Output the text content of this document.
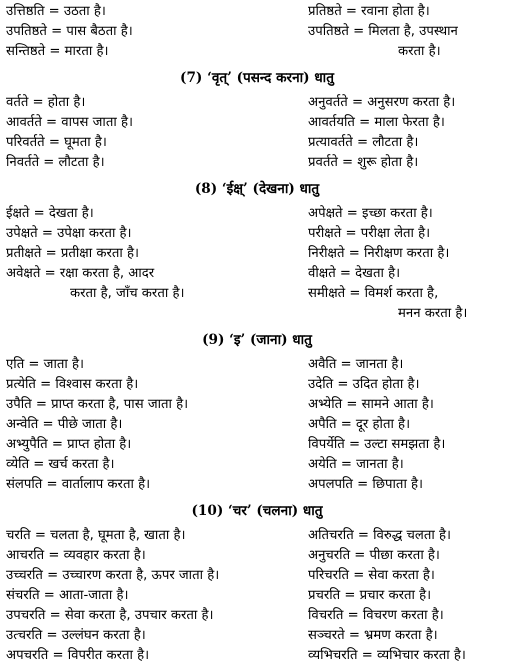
उत्तिष्ठति = उठता है।
उपतिष्ठते = पास बैठता है।
सन्तिष्ठते = मारता है।
प्रतिष्ठते = रवाना होता है।
उपतिष्ठते = मिलता है, उपस्थान
करता है।
(7) ‘वृत्’ (पसन्द करना) धातु
वर्तते = होता है।
आवर्तते = वापस जाता है।
परिवर्तते = घूमता है।
निवर्तते = लौटता है।
अनुवर्तते = अनुसरण करता है।
आवर्तयति = माला फेरता है।
प्रत्यावर्तते = लौटता है।
प्रवर्तते = शुरू होता है।
(8) ‘ईक्ष्’ (देखना) धातु
ईक्षते = देखता है।
उपेक्षते = उपेक्षा करता है।
प्रतीक्षते = प्रतीक्षा करता है।
अवेक्षते = रक्षा करता है, आदर
करता है, जाँच करता है।
अपेक्षते = इच्छा करता है।
परीक्षते = परीक्षा लेता है।
निरीक्षते = निरीक्षण करता है।
वीक्षते = देखता है।
समीक्षते = विमर्श करता है,
मनन करता है।
(9) ‘इ’ (जाना) धातु
एति = जाता है।
प्रत्येति = विश्वास करता है।
उपैति = प्राप्त करता है, पास जाता है।
अन्वेति = पीछे जाता है।
अभ्युपैति = प्राप्त होता है।
व्येति = खर्च करता है।
संलपति = वार्तालाप करता है।
अवैति = जानता है।
उदेति = उदित होता है।
अभ्येति = सामने आता है।
अपैति = दूर होता है।
विपर्येति = उल्टा समझता है।
अयेति = जानता है।
अपलपति = छिपाता है।
(10) ‘चर’ (चलना) धातु
चरति = चलता है, घूमता है, खाता है।
आचरति = व्यवहार करता है।
उच्चरति = उच्चारण करता है, ऊपर जाता है।
संचरति = आता-जाता है।
उपचरति = सेवा करता है, उपचार करता है।
उत्चरति = उल्लंघन करता है।
अपचरति = विपरीत करता है।
अतिचरति = विरुद्ध चलता है।
अनुचरति = पीछा करता है।
परिचरति = सेवा करता है।
प्रचरति = प्रचार करता है।
विचरति = विचरण करता है।
सञ्चरते = भ्रमण करता है।
व्यभिचरति = व्यभिचार करता है।
